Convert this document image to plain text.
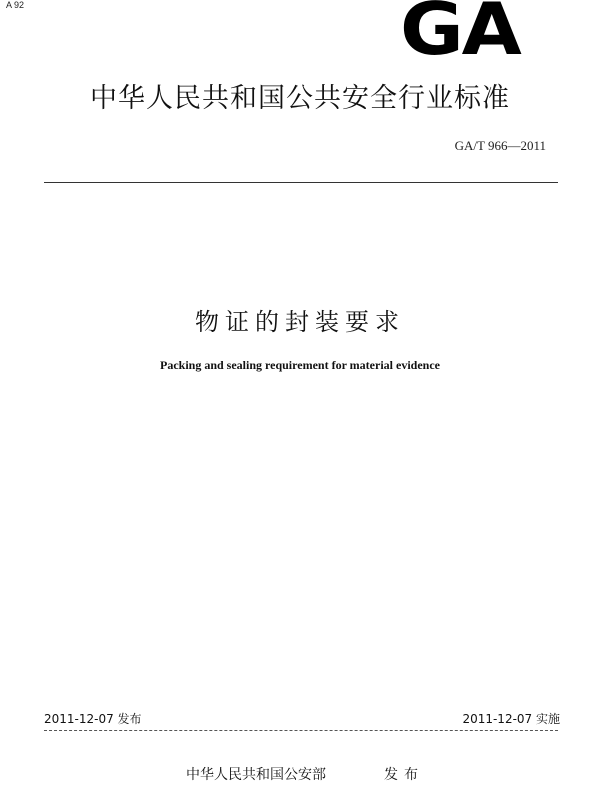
A 92	GA
中华人民共和国公共安全行业标准
GA/T 966—2011
物证的封装要求
Packing and sealing requirement for material evidence
2011-12-07 发布	2011-12-07 实施
中华人民共和国公安部	发布
